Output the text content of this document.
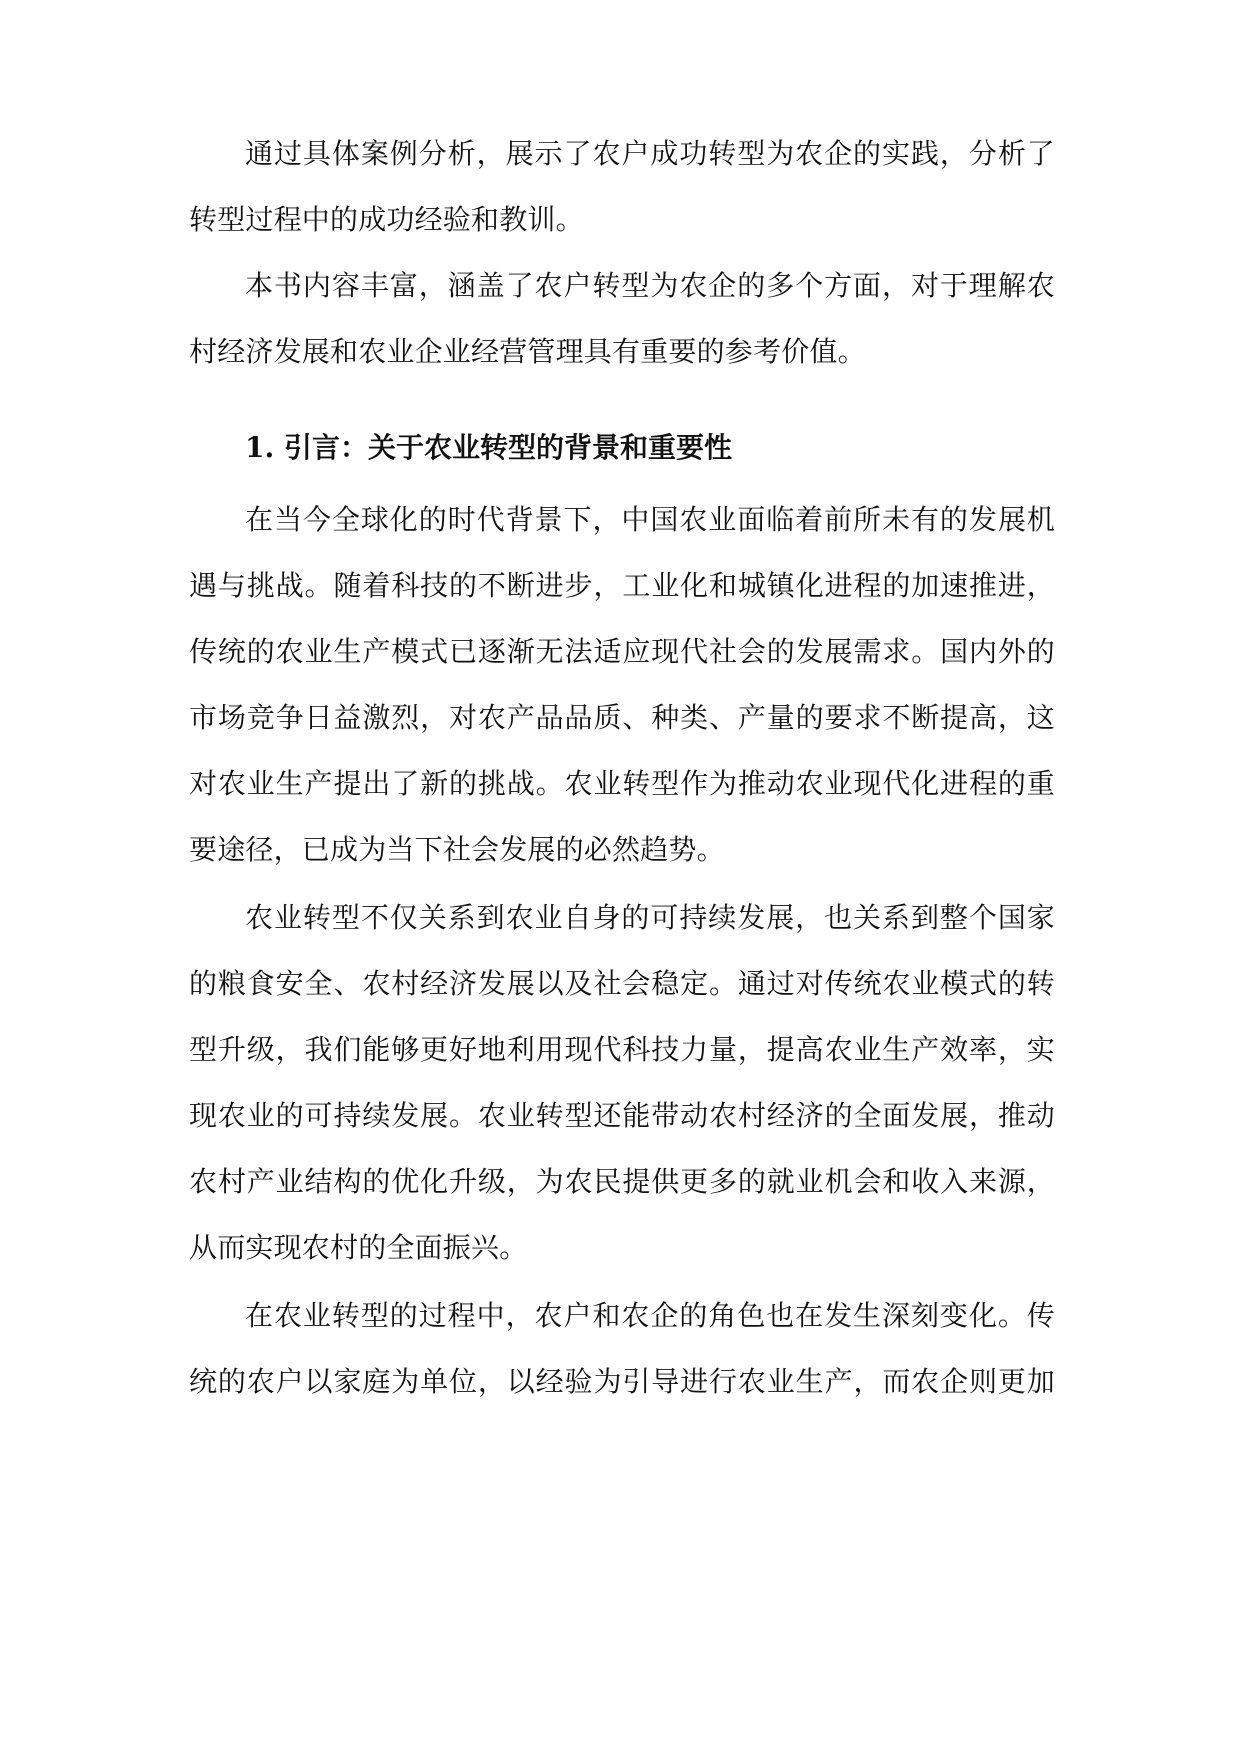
通过具体案例分析，展示了农户成功转型为农企的实践，分析了
转型过程中的成功经验和教训。
本书内容丰富，涵盖了农户转型为农企的多个方面，对于理解农
村经济发展和农业企业经营管理具有重要的参考价值。
1. 引言：关于农业转型的背景和重要性
在当今全球化的时代背景下，中国农业面临着前所未有的发展机
遇与挑战。随着科技的不断进步，工业化和城镇化进程的加速推进，
传统的农业生产模式已逐渐无法适应现代社会的发展需求。国内外的
市场竞争日益激烈，对农产品品质、种类、产量的要求不断提高，这
对农业生产提出了新的挑战。农业转型作为推动农业现代化进程的重
要途径，已成为当下社会发展的必然趋势。
农业转型不仅关系到农业自身的可持续发展，也关系到整个国家
的粮食安全、农村经济发展以及社会稳定。通过对传统农业模式的转
型升级，我们能够更好地利用现代科技力量，提高农业生产效率，实
现农业的可持续发展。农业转型还能带动农村经济的全面发展，推动
农村产业结构的优化升级，为农民提供更多的就业机会和收入来源，
从而实现农村的全面振兴。
在农业转型的过程中，农户和农企的角色也在发生深刻变化。传
统的农户以家庭为单位，以经验为引导进行农业生产，而农企则更加
